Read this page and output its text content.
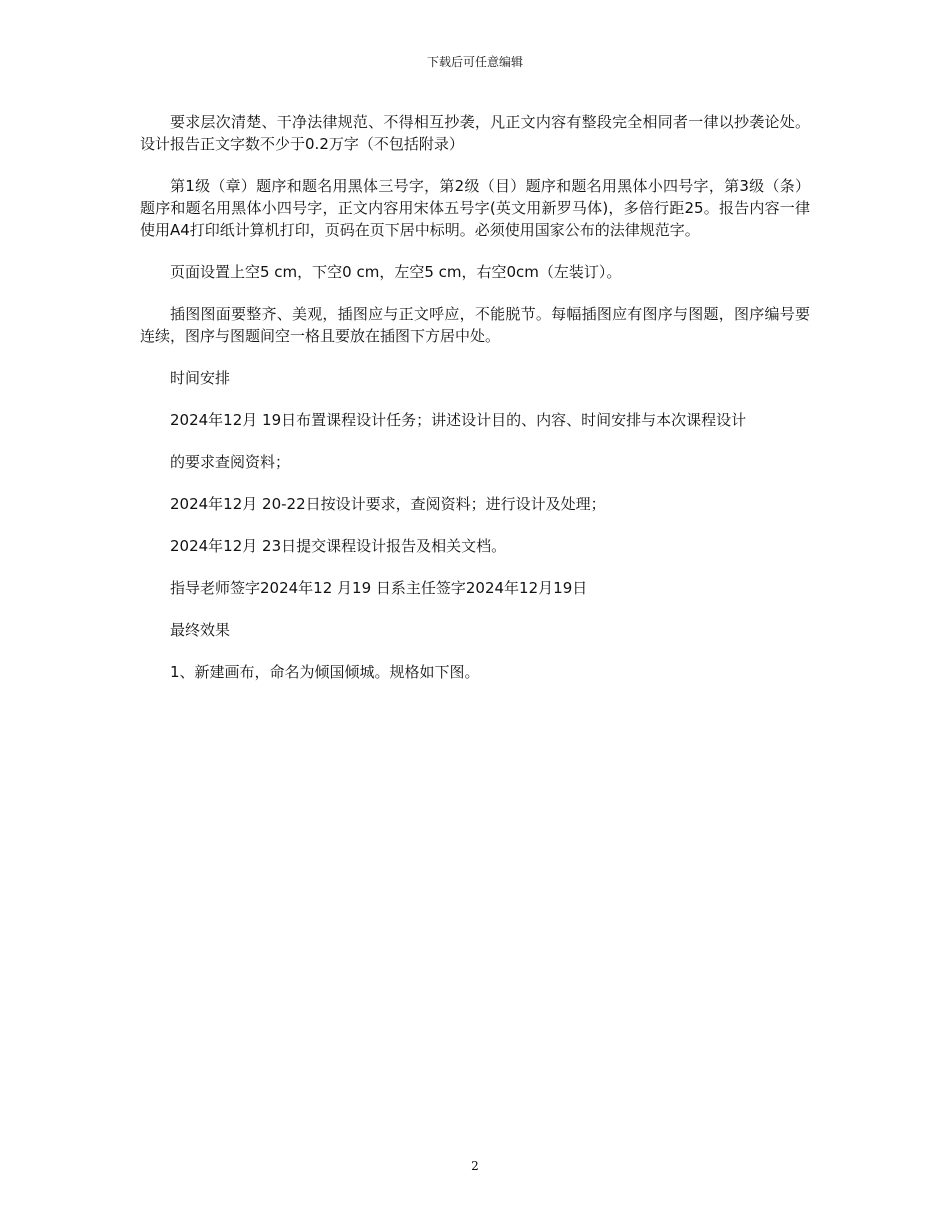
下载后可任意编辑

要求层次清楚、干净法律规范、不得相互抄袭，凡正文内容有整段完全相同者一律以抄袭论处。设计报告正文字数不少于0.2万字（不包括附录）

第1级（章）题序和题名用黑体三号字，第2级（目）题序和题名用黑体小四号字，第3级（条）题序和题名用黑体小四号字，正文内容用宋体五号字(英文用新罗马体)，多倍行距25。报告内容一律使用A4打印纸计算机打印，页码在页下居中标明。必须使用国家公布的法律规范字。

页面设置上空5 cm，下空0 cm，左空5 cm，右空0cm（左装订）。

插图图面要整齐、美观，插图应与正文呼应，不能脱节。每幅插图应有图序与图题，图序编号要连续，图序与图题间空一格且要放在插图下方居中处。

时间安排

2024年12月 19日布置课程设计任务；讲述设计目的、内容、时间安排与本次课程设计

的要求查阅资料；

2024年12月 20-22日按设计要求，查阅资料；进行设计及处理；

2024年12月 23日提交课程设计报告及相关文档。

指导老师签字2024年12 月19 日系主任签字2024年12月19日

最终效果

1、新建画布，命名为倾国倾城。规格如下图。

2
